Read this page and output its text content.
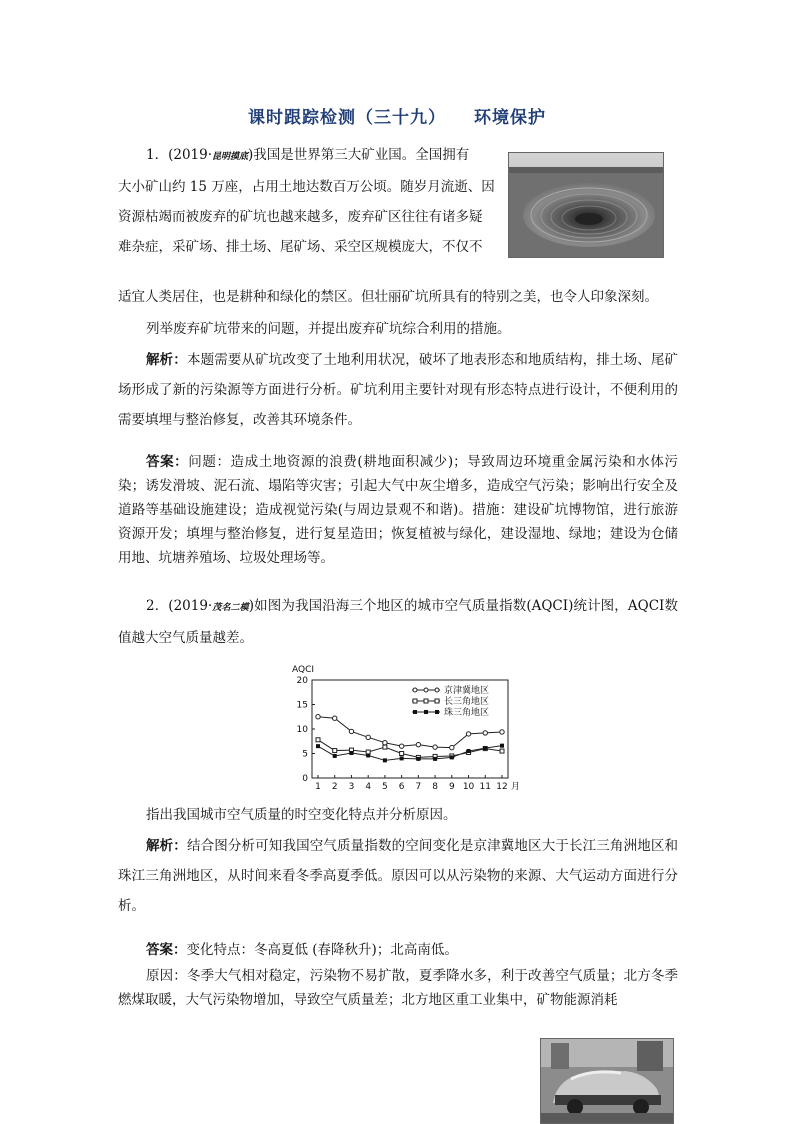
课时跟踪检测（三十九） 环境保护
1．(2019·昆明摸底)我国是世界第三大矿业国。全国拥有
大小矿山约 15 万座，占用土地达数百万公顷。随岁月流逝、因
资源枯竭而被废弃的矿坑也越来越多，废弃矿区往往有诸多疑
难杂症，采矿场、排土场、尾矿场、采空区规模庞大，不仅不
适宜人类居住，也是耕种和绿化的禁区。但壮丽矿坑所具有的特别之美，也令人印象深刻。
列举废弃矿坑带来的问题，并提出废弃矿坑综合利用的措施。
解析：本题需要从矿坑改变了土地利用状况，破坏了地表形态和地质结构，排土场、尾矿场形成了新的污染源等方面进行分析。矿坑利用主要针对现有形态特点进行设计，不便利用的需要填埋与整治修复，改善其环境条件。
答案：问题：造成土地资源的浪费(耕地面积减少)；导致周边环境重金属污染和水体污染；诱发滑坡、泥石流、塌陷等灾害；引起大气中灰尘增多，造成空气污染；影响出行安全及道路等基础设施建设；造成视觉污染(与周边景观不和谐)。措施：建设矿坑博物馆，进行旅游资源开发；填埋与整治修复，进行复星造田；恢复植被与绿化，建设湿地、绿地；建设为仓储用地、坑塘养殖场、垃圾处理场等。
2．(2019·茂名二模)如图为我国沿海三个地区的城市空气质量指数(AQCI)统计图，AQCI数值越大空气质量越差。
AQCI
0
5
10
15
20
1 2 3 4 5 6 7 8 9 10 11 12 月
京津冀地区
长三角地区
珠三角地区
指出我国城市空气质量的时空变化特点并分析原因。
解析：结合图分析可知我国空气质量指数的空间变化是京津冀地区大于长江三角洲地区和珠江三角洲地区，从时间来看冬季高夏季低。原因可以从污染物的来源、大气运动方面进行分析。
答案：变化特点：冬高夏低 (春降秋升)；北高南低。
原因：冬季大气相对稳定，污染物不易扩散，夏季降水多，利于改善空气质量；北方冬季燃煤取暖，大气污染物增加，导致空气质量差；北方地区重工业集中，矿物能源消耗
